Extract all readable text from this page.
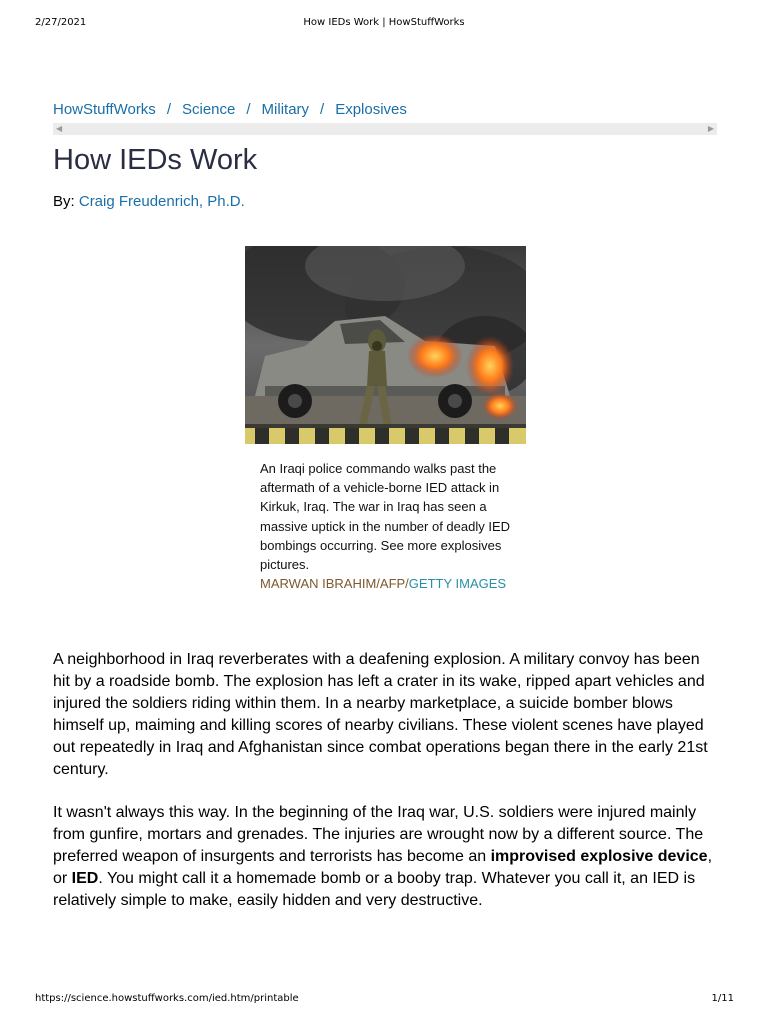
2/27/2021	How IEDs Work | HowStuffWorks
HowStuffWorks / Science / Military / Explosives
◀	▶
How IEDs Work
By: Craig Freudenrich, Ph.D.
An Iraqi police commando walks past the aftermath of a vehicle-borne IED attack in Kirkuk, Iraq. The war in Iraq has seen a massive uptick in the number of deadly IED bombings occurring. See more explosives pictures.
MARWAN IBRAHIM/AFP/GETTY IMAGES

A neighborhood in Iraq reverberates with a deafening explosion. A military convoy has been hit by a roadside bomb. The explosion has left a crater in its wake, ripped apart vehicles and injured the soldiers riding within them. In a nearby marketplace, a suicide bomber blows himself up, maiming and killing scores of nearby civilians. These violent scenes have played out repeatedly in Iraq and Afghanistan since combat operations began there in the early 21st century.

It wasn't always this way. In the beginning of the Iraq war, U.S. soldiers were injured mainly from gunfire, mortars and grenades. The injuries are wrought now by a different source. The preferred weapon of insurgents and terrorists has become an improvised explosive device, or IED. You might call it a homemade bomb or a booby trap. Whatever you call it, an IED is relatively simple to make, easily hidden and very destructive.

https://science.howstuffworks.com/ied.htm/printable	1/11
